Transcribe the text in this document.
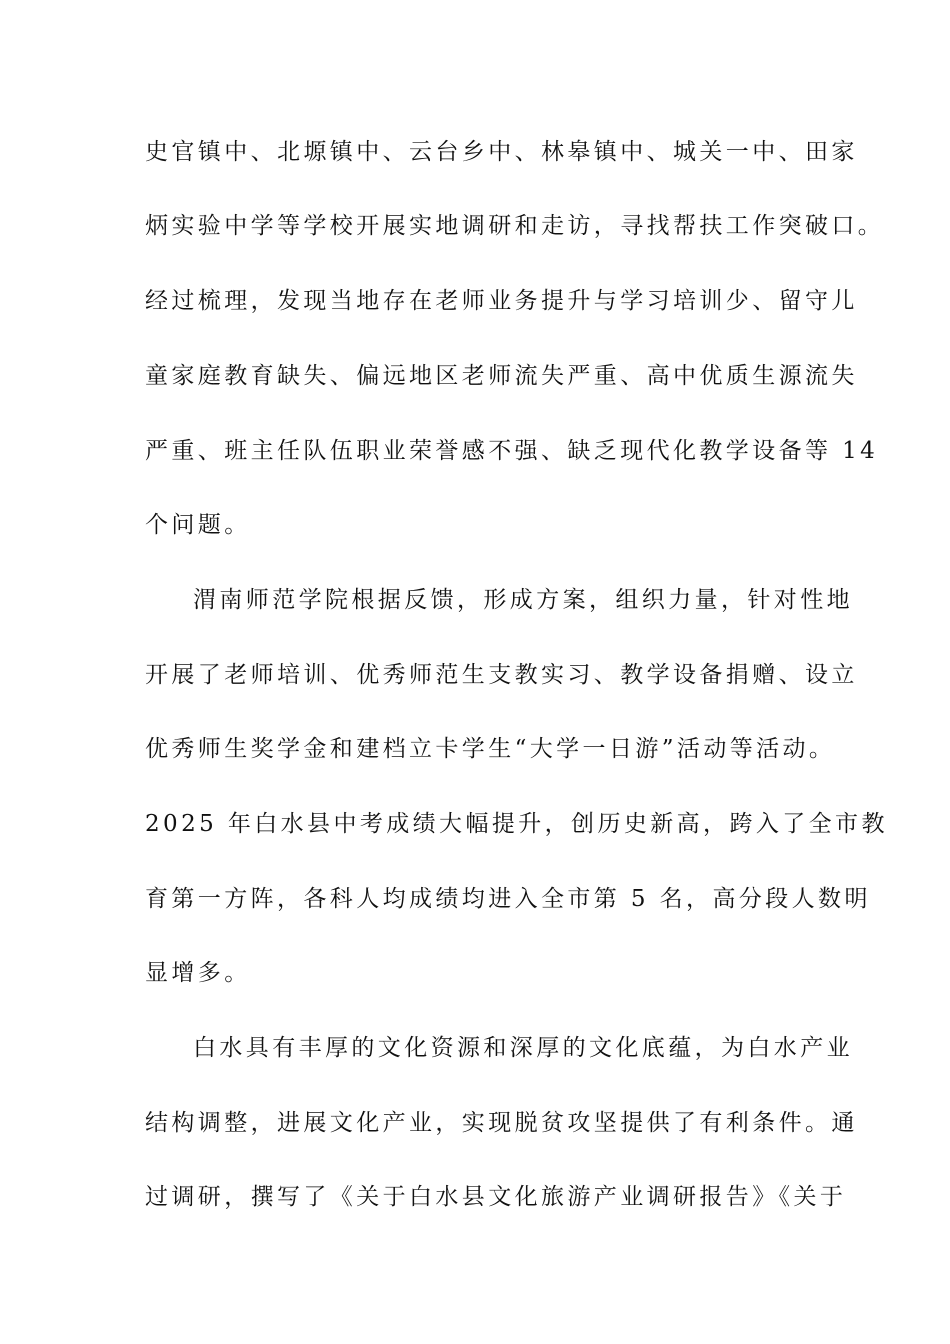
史官镇中、北塬镇中、云台乡中、林皋镇中、城关一中、田家
炳实验中学等学校开展实地调研和走访，寻找帮扶工作突破口。
经过梳理，发现当地存在老师业务提升与学习培训少、留守儿
童家庭教育缺失、偏远地区老师流失严重、高中优质生源流失
严重、班主任队伍职业荣誉感不强、缺乏现代化教学设备等 14
个问题。
渭南师范学院根据反馈，形成方案，组织力量，针对性地
开展了老师培训、优秀师范生支教实习、教学设备捐赠、设立
优秀师生奖学金和建档立卡学生“大学一日游”活动等活动。
2025 年白水县中考成绩大幅提升，创历史新高，跨入了全市教
育第一方阵，各科人均成绩均进入全市第 5 名，高分段人数明
显增多。
白水具有丰厚的文化资源和深厚的文化底蕴，为白水产业
结构调整，进展文化产业，实现脱贫攻坚提供了有利条件。通
过调研，撰写了《关于白水县文化旅游产业调研报告》《关于
